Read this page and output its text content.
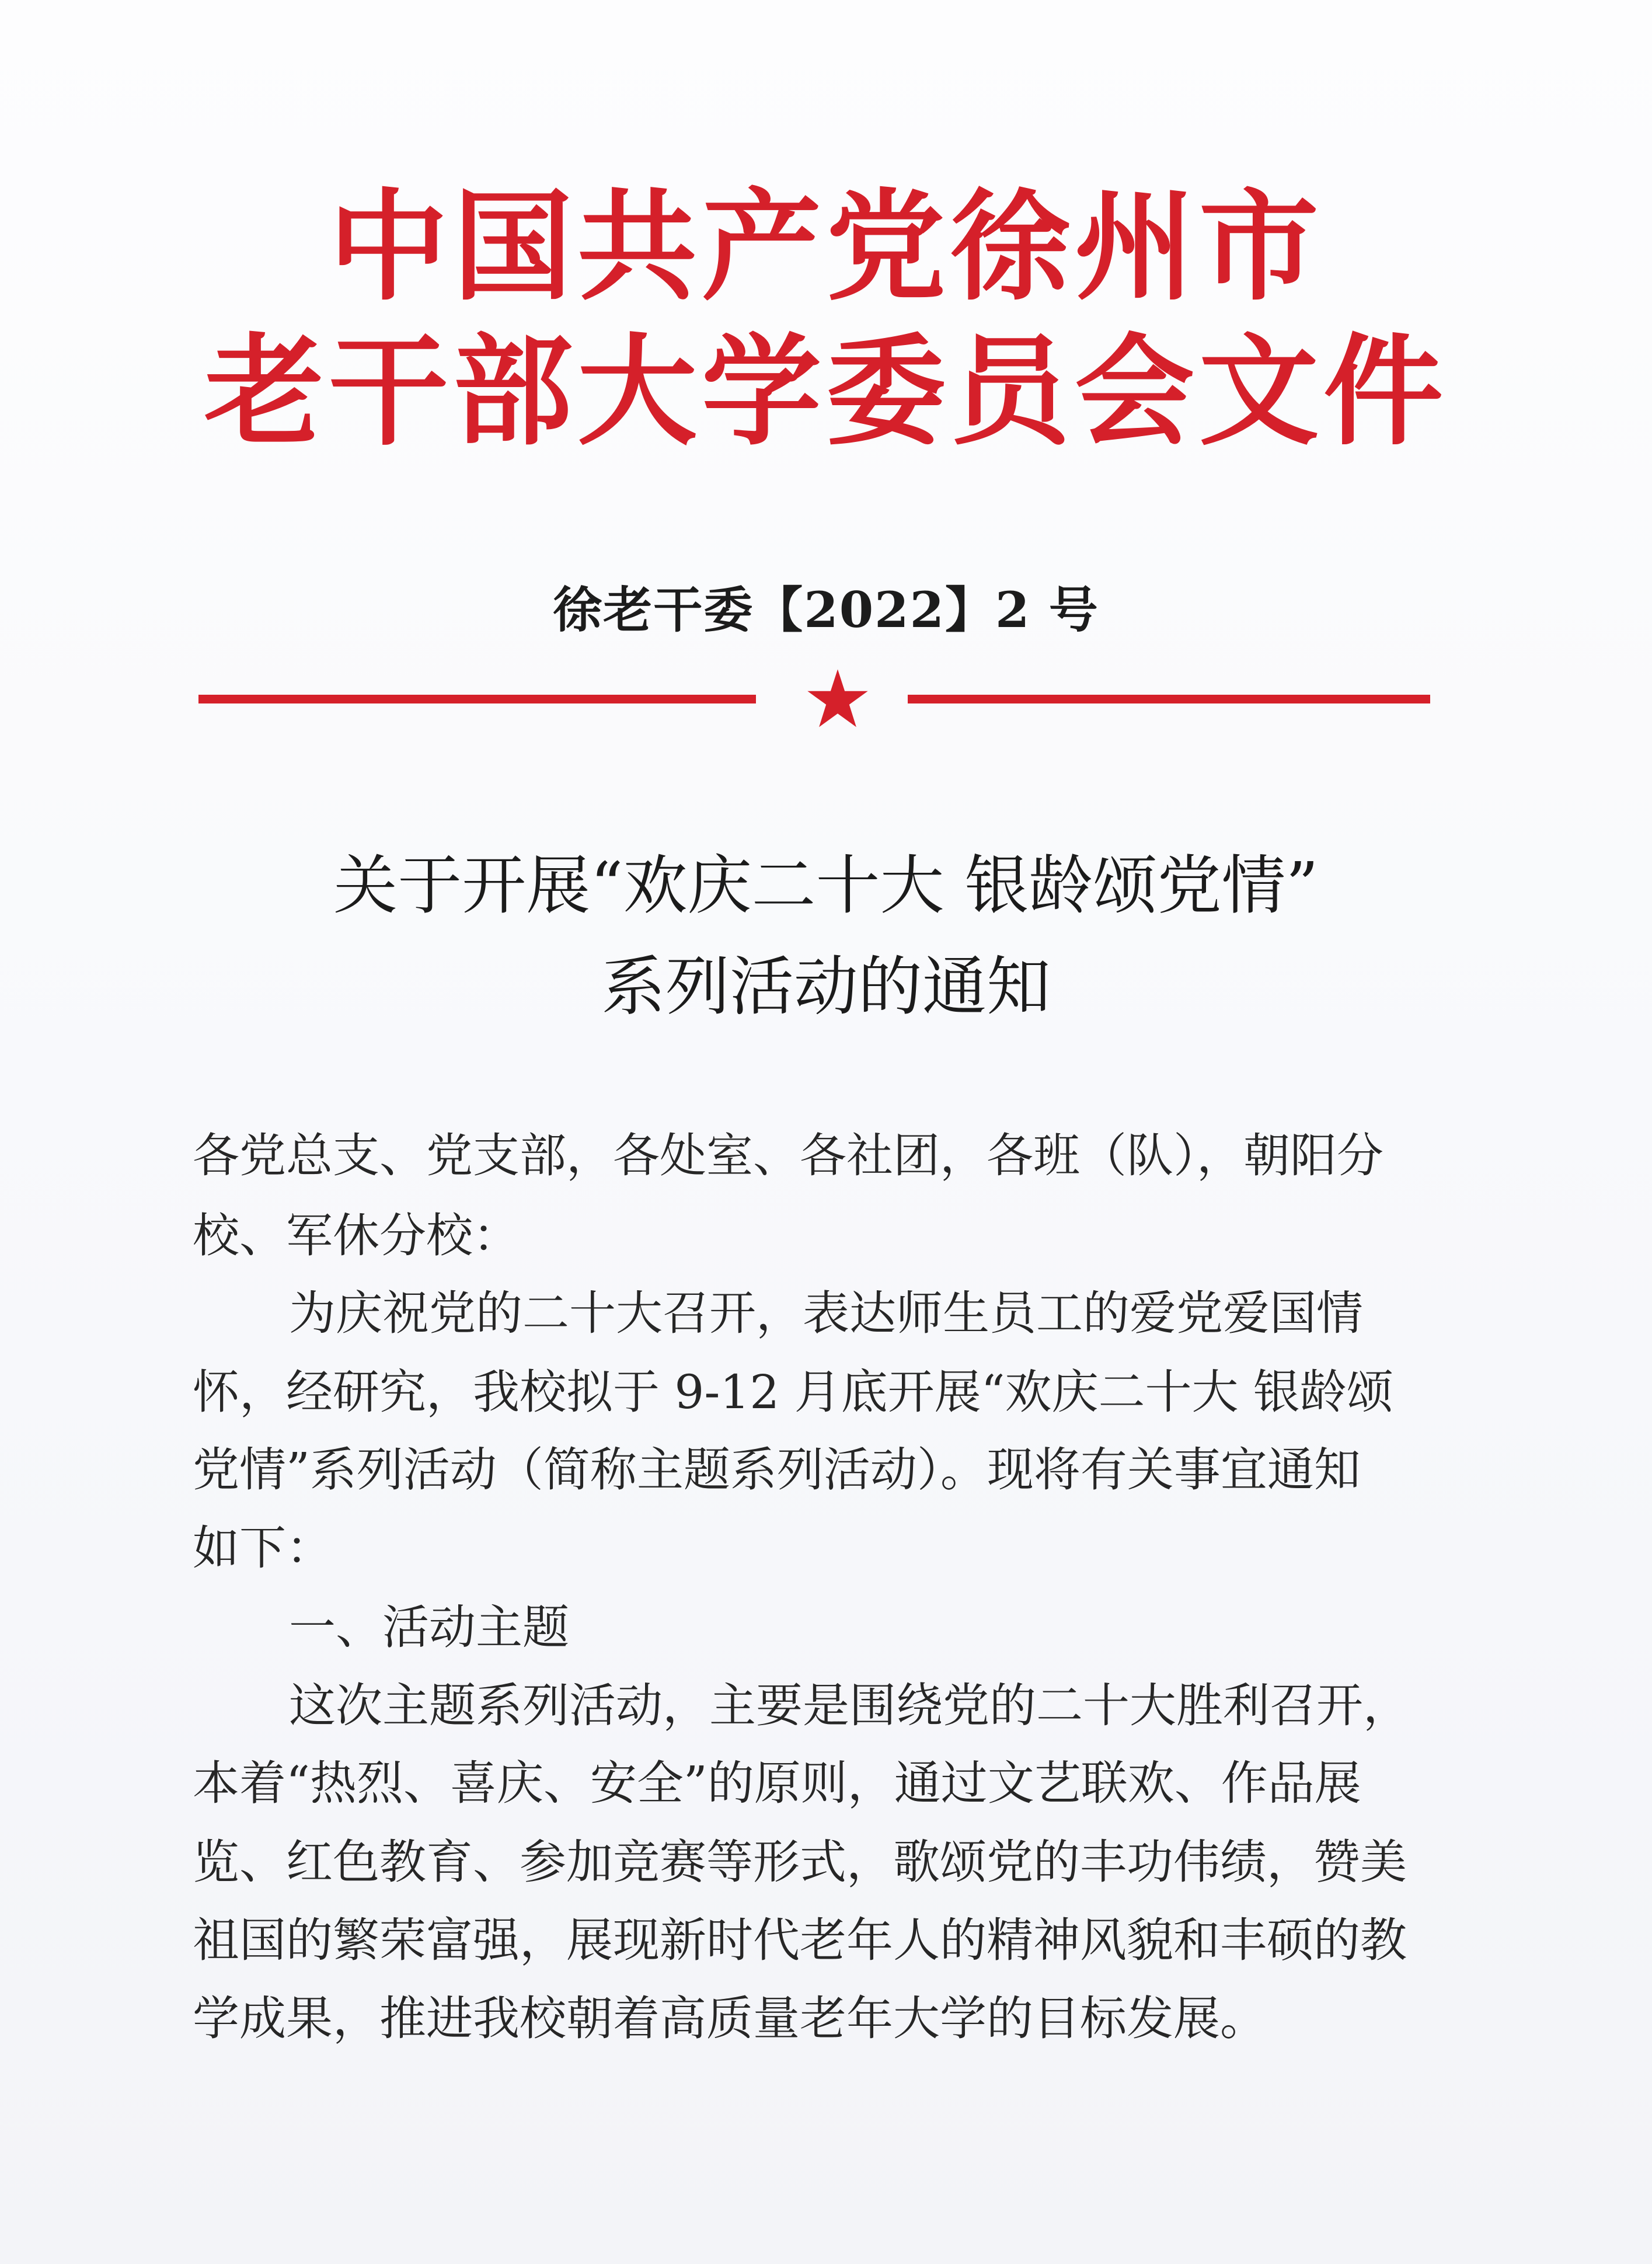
中国共产党徐州市
老干部大学委员会文件
徐老干委【2022】2 号
关于开展“欢庆二十大 银龄颂党情”
系列活动的通知
各党总支、党支部，各处室、各社团，各班（队），朝阳分
校、军休分校：
为庆祝党的二十大召开，表达师生员工的爱党爱国情
怀，经研究，我校拟于 9-12 月底开展“欢庆二十大 银龄颂
党情”系列活动（简称主题系列活动）。现将有关事宜通知
如下：
一、活动主题
这次主题系列活动，主要是围绕党的二十大胜利召开，
本着“热烈、喜庆、安全”的原则，通过文艺联欢、作品展
览、红色教育、参加竞赛等形式，歌颂党的丰功伟绩，赞美
祖国的繁荣富强，展现新时代老年人的精神风貌和丰硕的教
学成果，推进我校朝着高质量老年大学的目标发展。
